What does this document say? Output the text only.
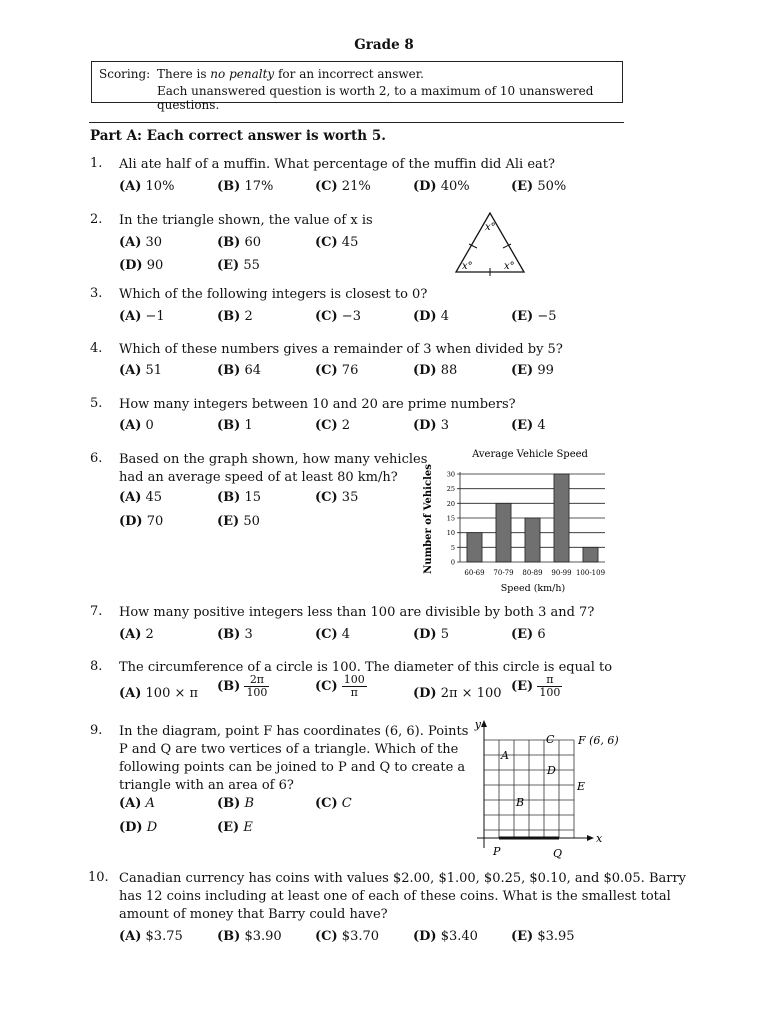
Grade 8
Scoring: There is no penalty for an incorrect answer.
Each unanswered question is worth 2, to a maximum of 10 unanswered questions.
Part A: Each correct answer is worth 5.
1.	Ali ate half of a muffin. What percentage of the muffin did Ali eat?
(A) 10%	(B) 17%	(C) 21%	(D) 40%	(E) 50%
2.	In the triangle shown, the value of x is
(A) 30	(B) 60	(C) 45
(D) 90	(E) 55
x°
x°	x°
3.	Which of the following integers is closest to 0?
(A) −1	(B) 2	(C) −3	(D) 4	(E) −5
4.	Which of these numbers gives a remainder of 3 when divided by 5?
(A) 51	(B) 64	(C) 76	(D) 88	(E) 99
5.	How many integers between 10 and 20 are prime numbers?
(A) 0	(B) 1	(C) 2	(D) 3	(E) 4
6.	Based on the graph shown, how many vehicles
had an average speed of at least 80 km/h?
(A) 45	(B) 15	(C) 35
(D) 70	(E) 50
Average Vehicle Speed
Number of Vehicles
Speed (km/h)
0
5
10
15
20
25
30
60-69 70-79 80-89 90-99 100-109
7.	How many positive integers less than 100 are divisible by both 3 and 7?
(A) 2	(B) 3	(C) 4	(D) 5	(E) 6
8.	The circumference of a circle is 100. The diameter of this circle is equal to
(A) 100 × π $(B) \frac{2\pi}{100}$	$(C) \frac{100}{\pi}$	(D) 2π × 100 $(E) \frac{\pi}{100}$
9.	In the diagram, point F has coordinates (6, 6). Points
P and Q are two vertices of a triangle. Which of the
following points can be joined to P and Q to create a
triangle with an area of 6?
(A) A	(B) B	(C) C
(D) D	(E) E
y
x
A
B
C
D
E
F (6, 6)
P	Q
10. Canadian currency has coins with values $2.00, $1.00, $0.25, $0.10, and $0.05. Barry
has 12 coins including at least one of each of these coins. What is the smallest total
amount of money that Barry could have?
(A) $3.75	(B) $3.90	(C) $3.70	(D) $3.40	(E) $3.95
